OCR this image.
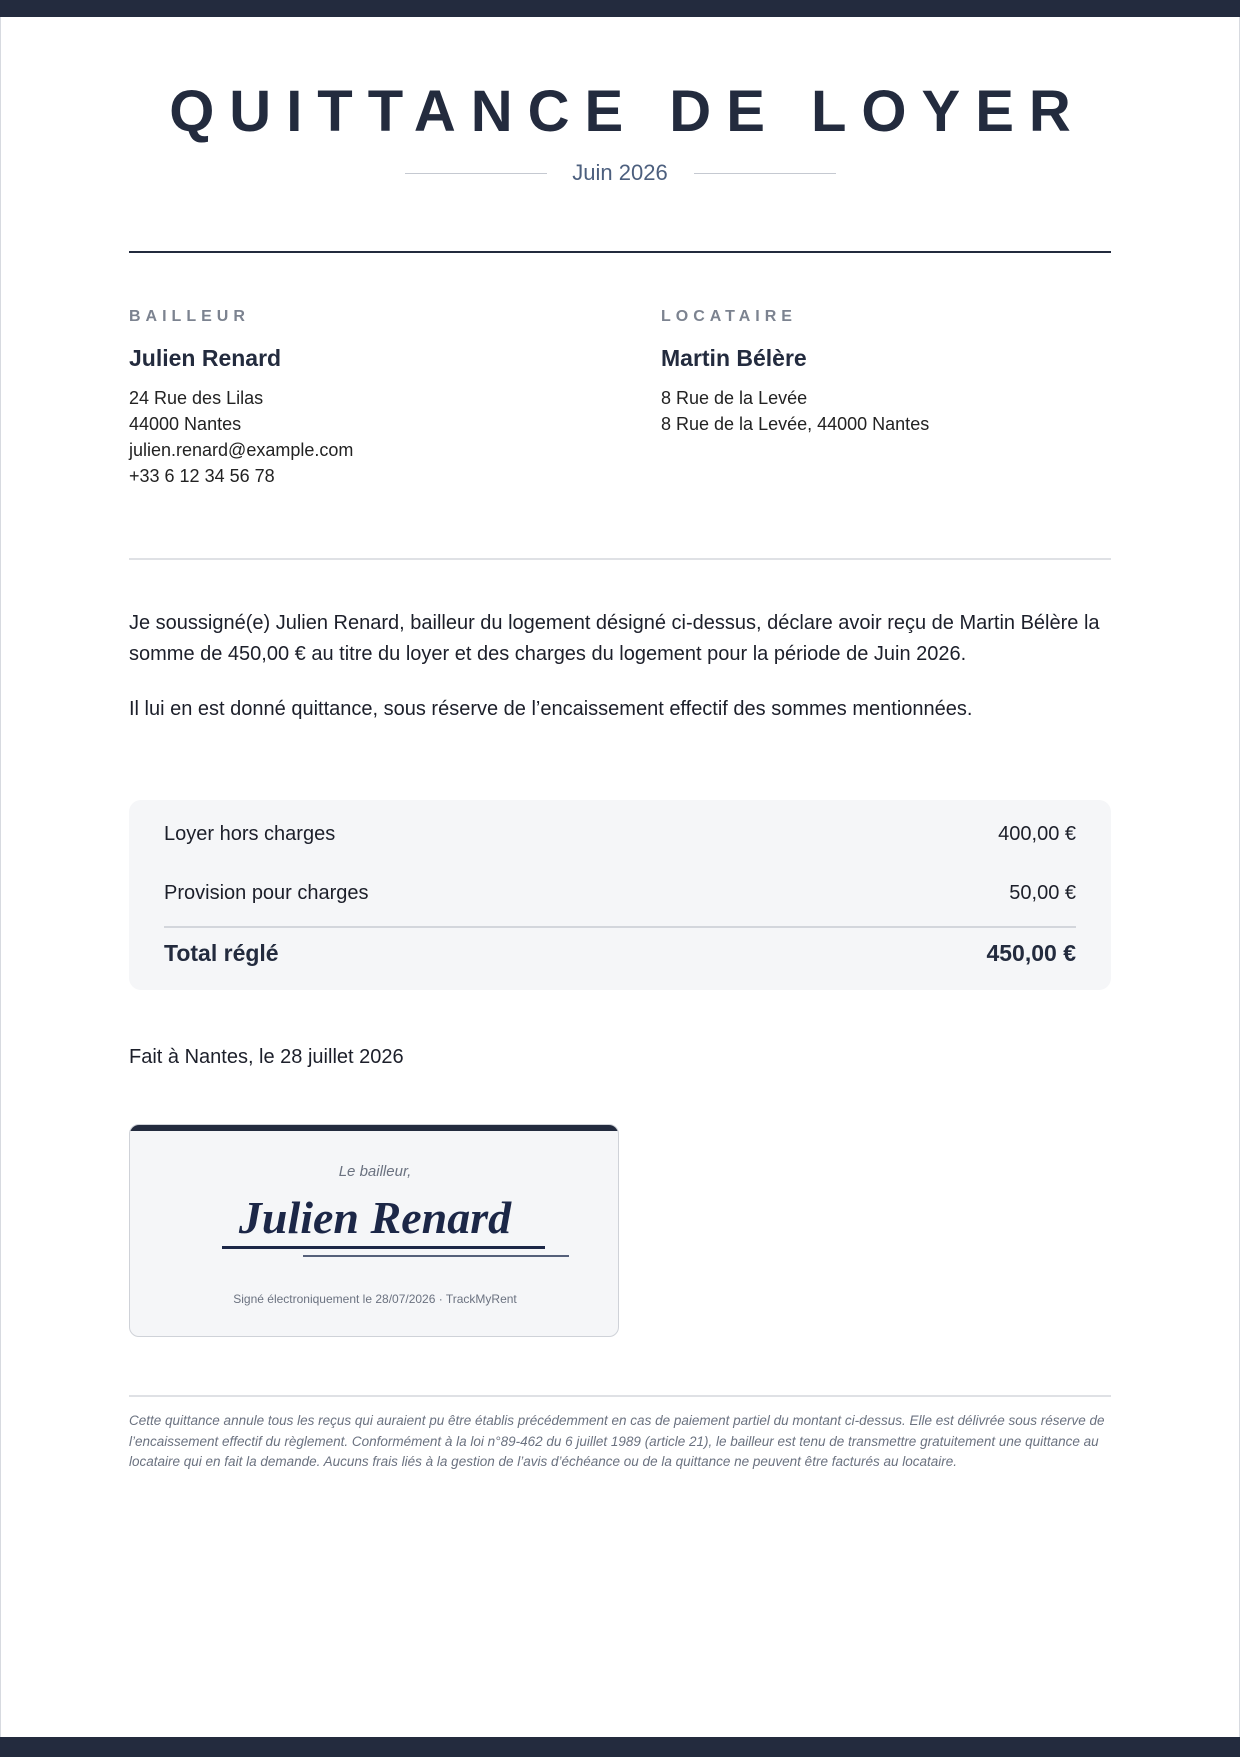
QUITTANCE DE LOYER
Juin 2026
BAILLEUR
Julien Renard
24 Rue des Lilas
44000 Nantes
julien.renard@example.com
+33 6 12 34 56 78
LOCATAIRE
Martin Bélère
8 Rue de la Levée
8 Rue de la Levée, 44000 Nantes
Je soussigné(e) Julien Renard, bailleur du logement désigné ci-dessus, déclare avoir reçu de Martin Bélère la somme de 450,00 € au titre du loyer et des charges du logement pour la période de Juin 2026.
Il lui en est donné quittance, sous réserve de l’encaissement effectif des sommes mentionnées.
Loyer hors charges	400,00 €
Provision pour charges	50,00 €
Total réglé	450,00 €
Fait à Nantes, le 28 juillet 2026
Le bailleur,
Julien Renard
Signé électroniquement le 28/07/2026 · TrackMyRent
Cette quittance annule tous les reçus qui auraient pu être établis précédemment en cas de paiement partiel du montant ci-dessus. Elle est délivrée sous réserve de l’encaissement effectif du règlement. Conformément à la loi n°89-462 du 6 juillet 1989 (article 21), le bailleur est tenu de transmettre gratuitement une quittance au locataire qui en fait la demande. Aucuns frais liés à la gestion de l’avis d’échéance ou de la quittance ne peuvent être facturés au locataire.
